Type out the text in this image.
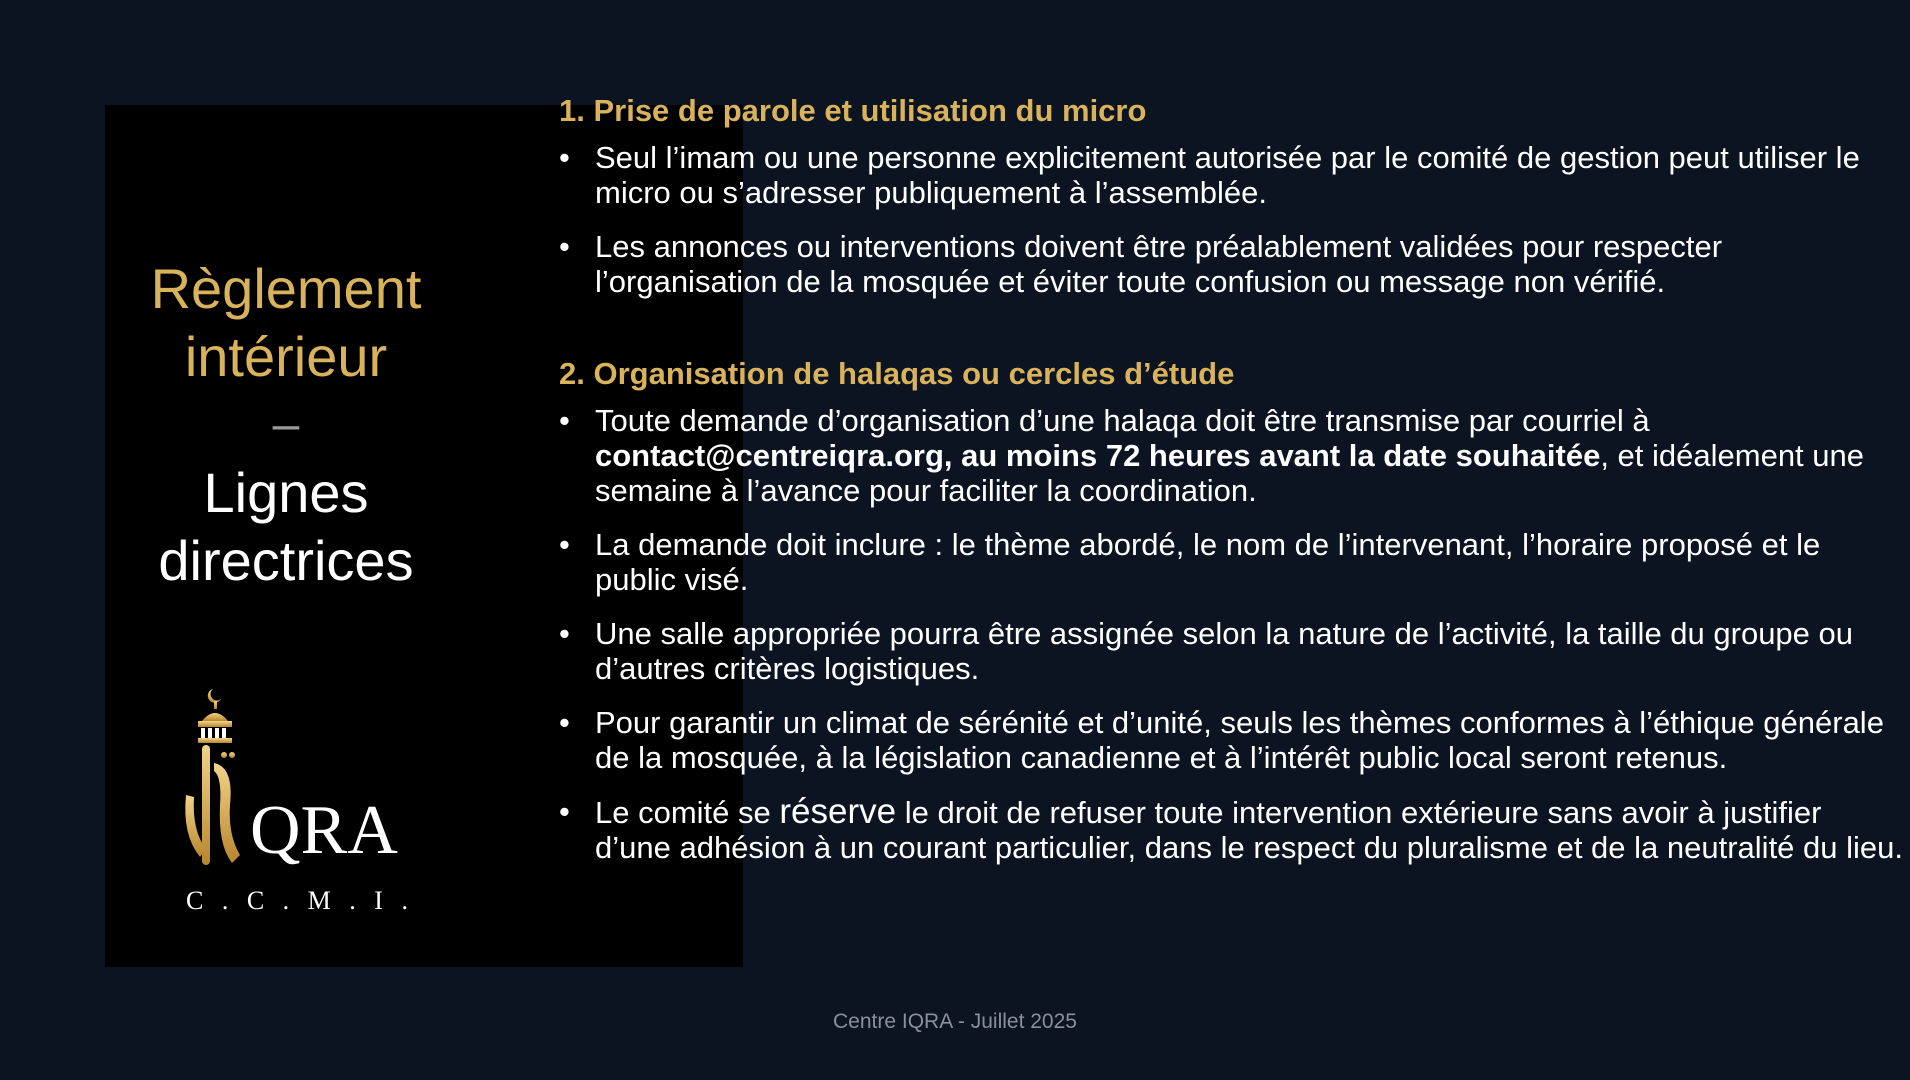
Règlement
intérieur
–
Lignes
directrices
QRA
C . C . M . I .
1. Prise de parole et utilisation du micro
• Seul l’imam ou une personne explicitement autorisée par le comité de gestion peut utiliser le micro ou s’adresser publiquement à l’assemblée.
• Les annonces ou interventions doivent être préalablement validées pour respecter l’organisation de la mosquée et éviter toute confusion ou message non vérifié.
2. Organisation de halaqas ou cercles d’étude
• Toute demande d’organisation d’une halaqa doit être transmise par courriel à contact@centreiqra.org, au moins 72 heures avant la date souhaitée, et idéalement une semaine à l’avance pour faciliter la coordination.
• La demande doit inclure : le thème abordé, le nom de l’intervenant, l’horaire proposé et le public visé.
• Une salle appropriée pourra être assignée selon la nature de l’activité, la taille du groupe ou d’autres critères logistiques.
• Pour garantir un climat de sérénité et d’unité, seuls les thèmes conformes à l’éthique générale de la mosquée, à la législation canadienne et à l’intérêt public local seront retenus.
• Le comité se réserve le droit de refuser toute intervention extérieure sans avoir à justifier d’une adhésion à un courant particulier, dans le respect du pluralisme et de la neutralité du lieu.
Centre IQRA - Juillet 2025
